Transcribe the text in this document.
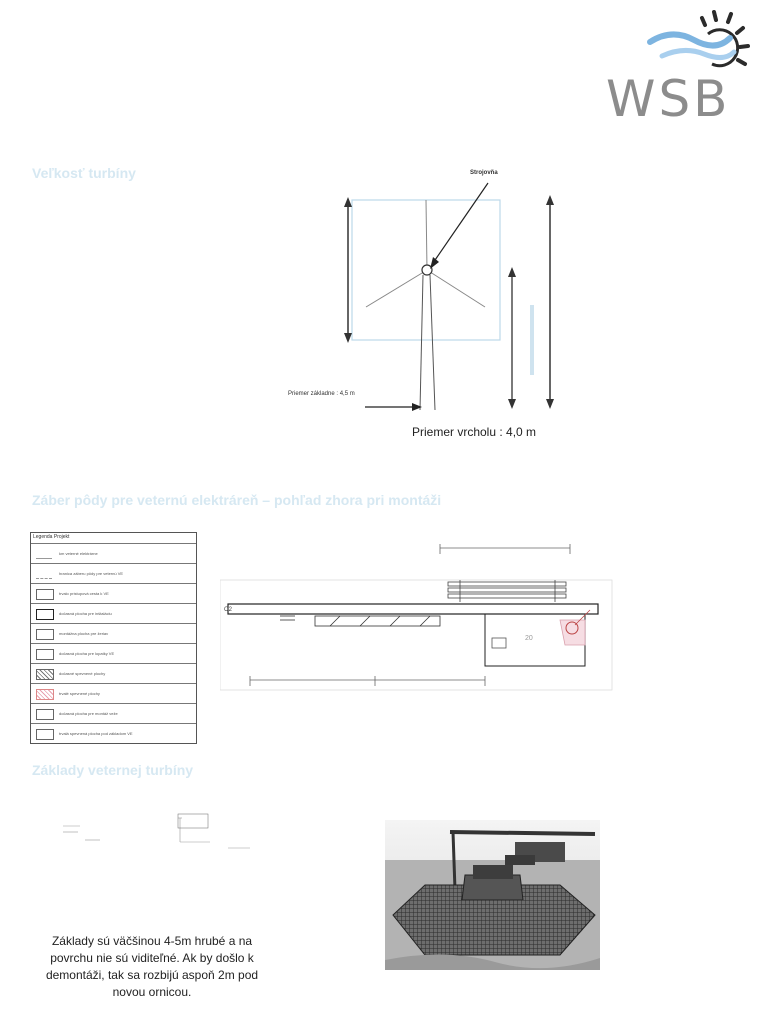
WSB
Veľkosť turbíny	Strojovňa
Priemer základne : 4,5 m
Priemer vrcholu : 4,0 m
Záber pôdy pre veternú elektráreň – pohľad zhora pri montáži
Legenda Projekt
km veterné elektrárne
hranica záberu pôdy pre veternú VE
trvalo prístupová cesta k VE
dočasná plocha pre inštaláciu
montážna plocha pre žeriav
dočasná plocha pre lopatky VE
dočasné spevnené plochy
trvalé spevnené plochy
dočasná plocha pre montáž veže
trvalá spevnená plocha pod základom VE
O2
20
Základy veternej turbíny
Základy sú väčšinou 4-5m hrubé a na povrchu nie sú viditeľné. Ak by došlo k demontáži, tak sa rozbijú aspoň 2m pod novou ornicou.
